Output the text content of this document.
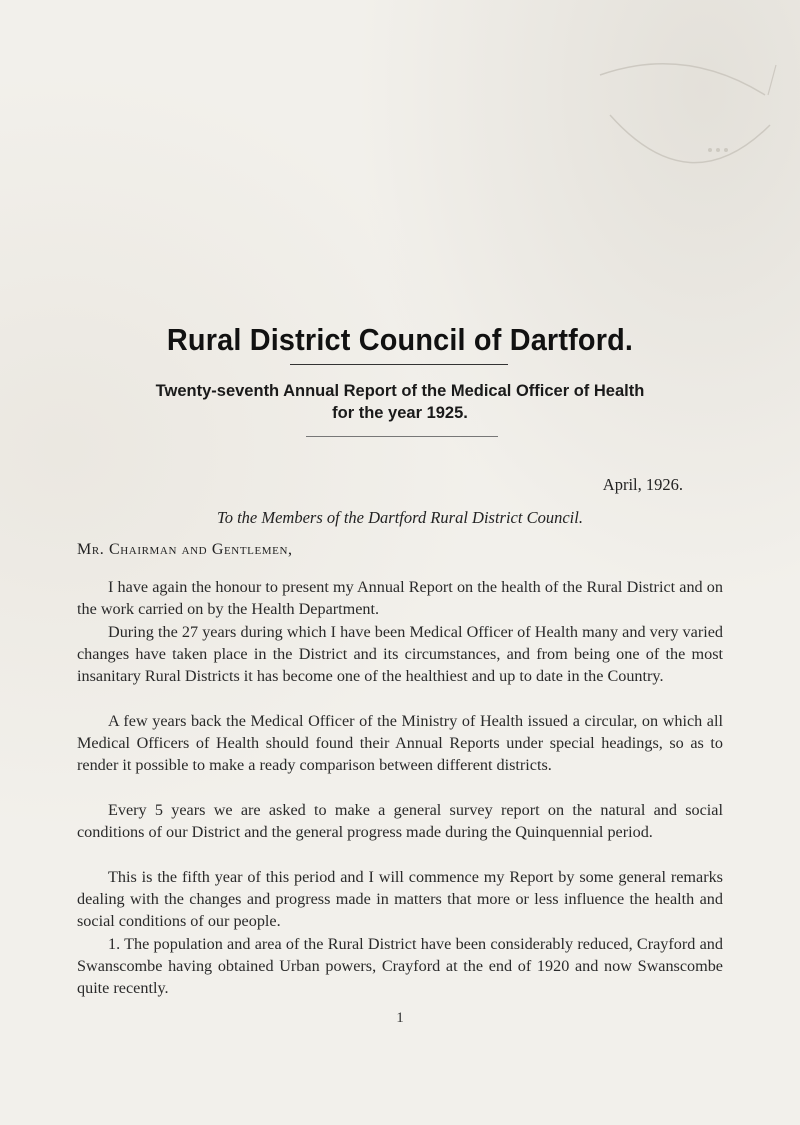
Rural District Council of Dartford.
Twenty-seventh Annual Report of the Medical Officer of Health
for the year 1925.

April, 1926.

To the Members of the Dartford Rural District Council.

Mr. Chairman and Gentlemen,

I have again the honour to present my Annual Report on the health of the Rural District and on the work carried on by the Health Department.

During the 27 years during which I have been Medical Officer of Health many and very varied changes have taken place in the District and its circumstances, and from being one of the most insanitary Rural Districts it has become one of the healthiest and up to date in the Country.

A few years back the Medical Officer of the Ministry of Health issued a circular, on which all Medical Officers of Health should found their Annual Reports under special headings, so as to render it possible to make a ready comparison between different districts.

Every 5 years we are asked to make a general survey report on the natural and social conditions of our District and the general progress made during the Quinquennial period.

This is the fifth year of this period and I will commence my Report by some general remarks dealing with the changes and progress made in matters that more or less influence the health and social conditions of our people.

1. The population and area of the Rural District have been considerably reduced, Crayford and Swanscombe having obtained Urban powers, Crayford at the end of 1920 and now Swanscombe quite recently.

1
